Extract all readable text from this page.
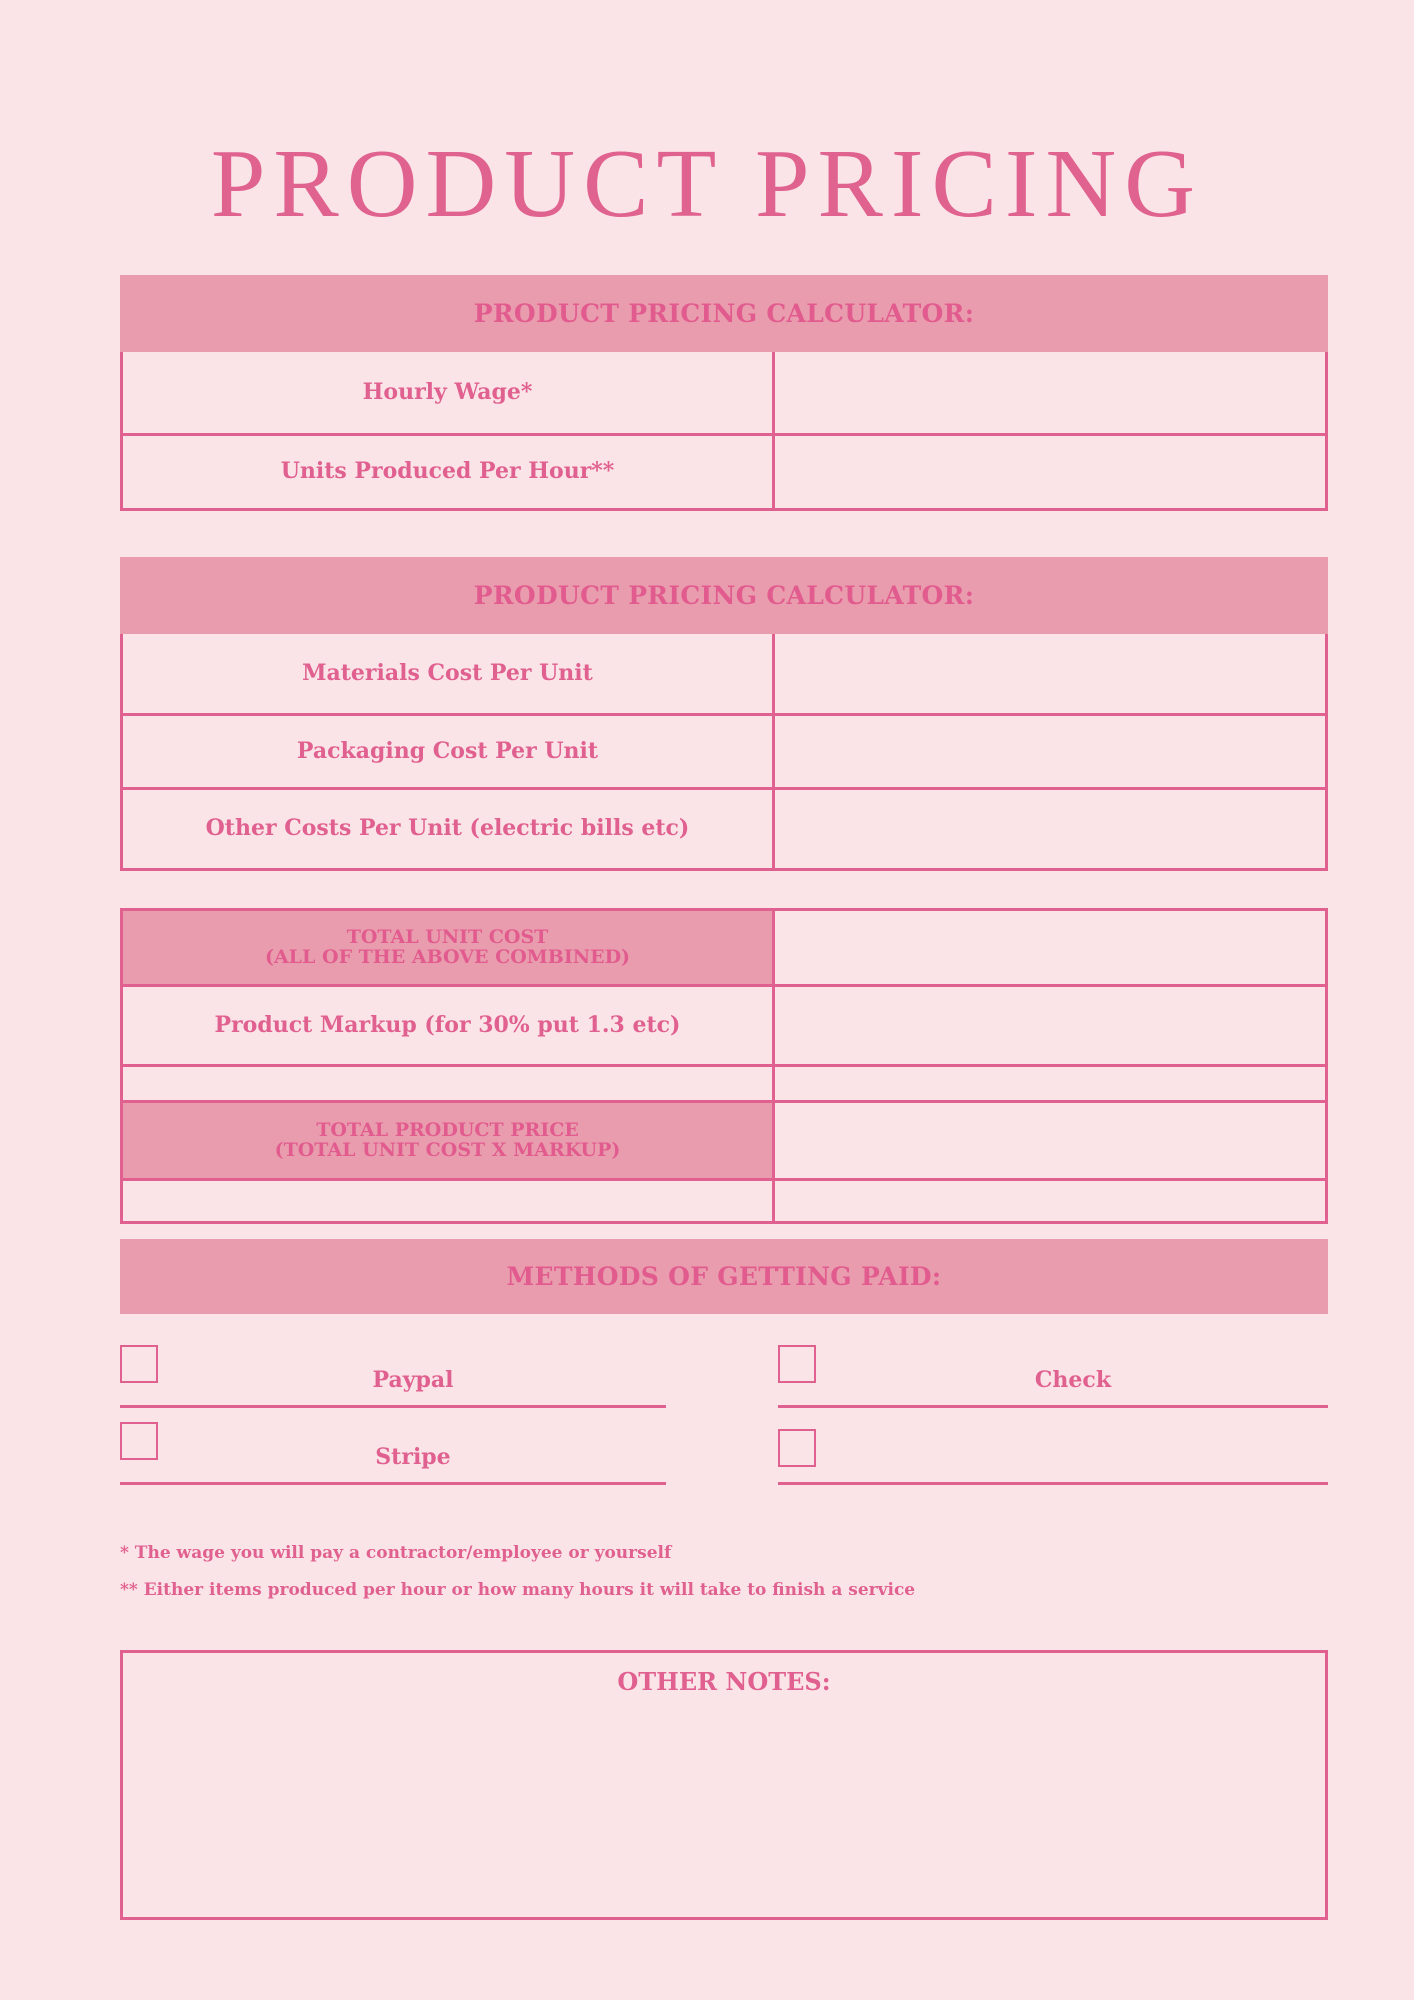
PRODUCT PRICING
PRODUCT PRICING CALCULATOR:
Hourly Wage*
Units Produced Per Hour**
PRODUCT PRICING CALCULATOR:
Materials Cost Per Unit
Packaging Cost Per Unit
Other Costs Per Unit (electric bills etc)
TOTAL UNIT COST
(ALL OF THE ABOVE COMBINED)
Product Markup (for 30% put 1.3 etc)
TOTAL PRODUCT PRICE
(TOTAL UNIT COST X MARKUP)
METHODS OF GETTING PAID:
Paypal	Check
Stripe
* The wage you will pay a contractor/employee or yourself
** Either items produced per hour or how many hours it will take to finish a service
OTHER NOTES:
